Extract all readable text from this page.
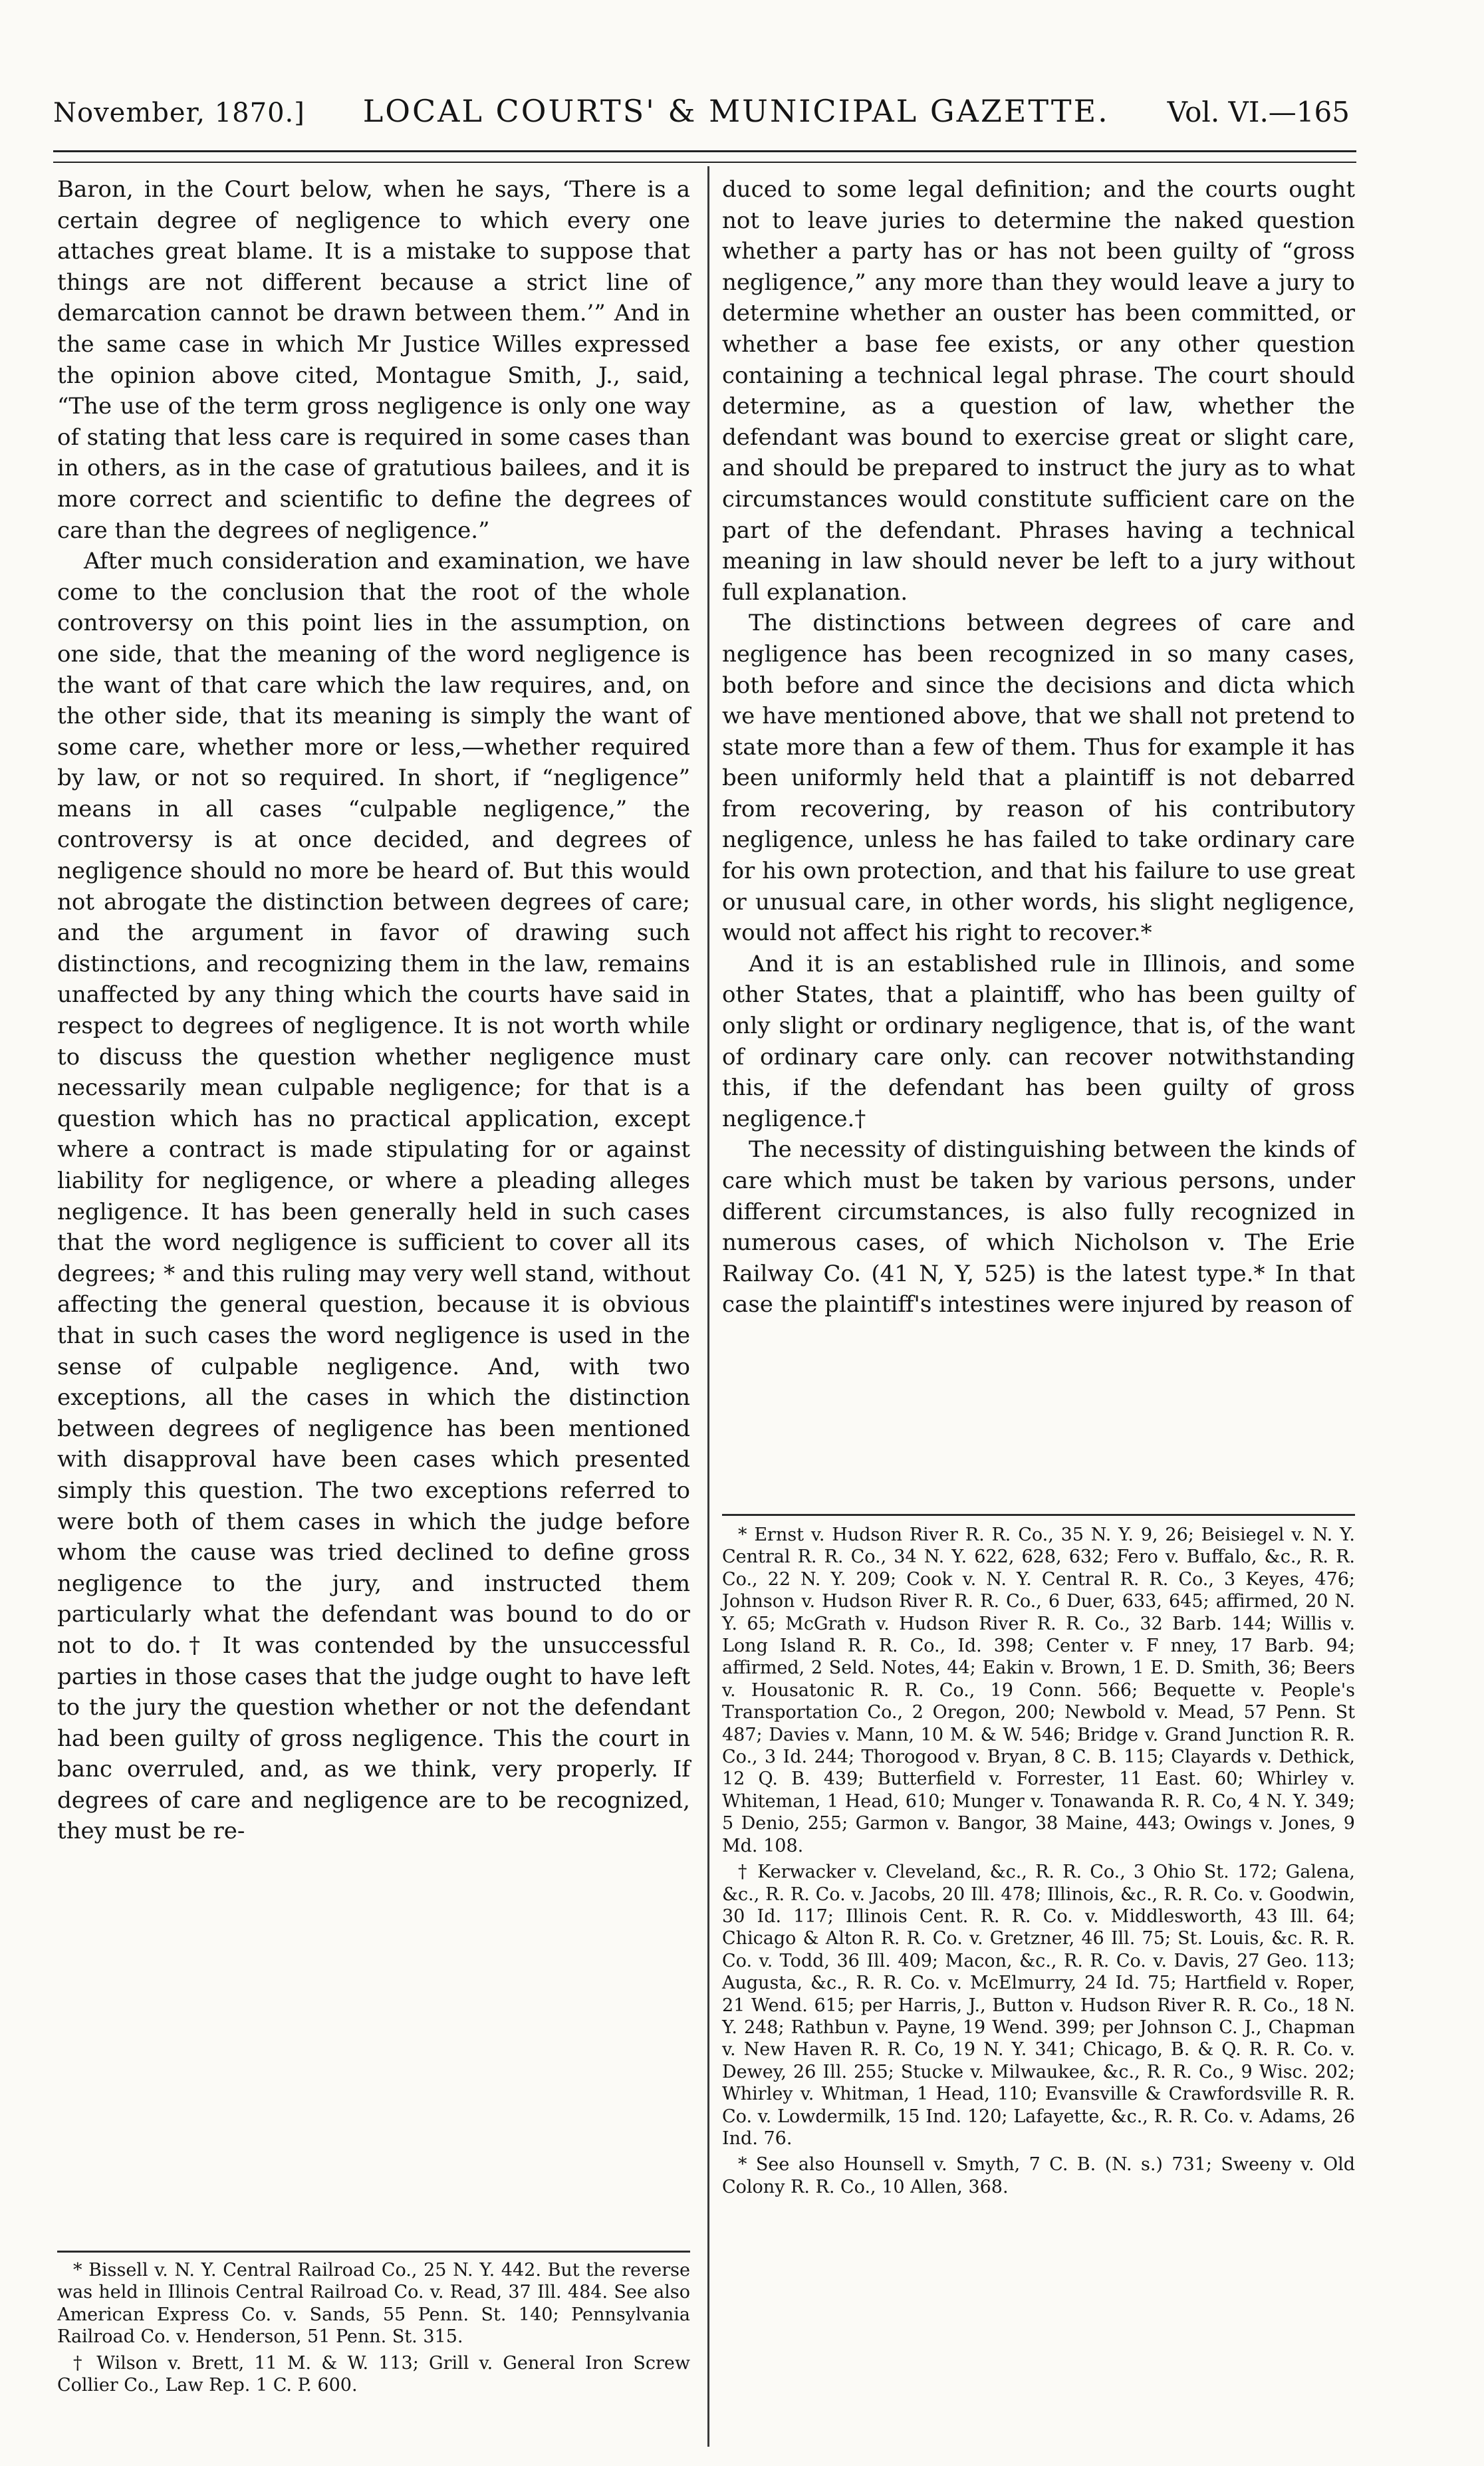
November, 1870.] LOCAL COURTS' & MUNICIPAL GAZETTE. Vol. VI.—165

Baron, in the Court below, when he says, ‘There is a certain degree of negligence to which every one attaches great blame. It is a mistake to suppose that things are not different because a strict line of demarcation cannot be drawn between them.’” And in the same case in which Mr Justice Willes expressed the opinion above cited, Montague Smith, J., said, “The use of the term gross negligence is only one way of stating that less care is required in some cases than in others, as in the case of gratutious bailees, and it is more correct and scientific to define the degrees of care than the degrees of negligence.”

After much consideration and examination, we have come to the conclusion that the root of the whole controversy on this point lies in the assumption, on one side, that the meaning of the word negligence is the want of that care which the law requires, and, on the other side, that its meaning is simply the want of some care, whether more or less,—whether required by law, or not so required. In short, if “negligence” means in all cases “culpable negligence,” the controversy is at once decided, and degrees of negligence should no more be heard of. But this would not abrogate the distinction between degrees of care; and the argument in favor of drawing such distinctions, and recognizing them in the law, remains unaffected by any thing which the courts have said in respect to degrees of negligence. It is not worth while to discuss the question whether negligence must necessarily mean culpable negligence; for that is a question which has no practical application, except where a contract is made stipulating for or against liability for negligence, or where a pleading alleges negligence. It has been generally held in such cases that the word negligence is sufficient to cover all its degrees; * and this ruling may very well stand, without affecting the general question, because it is obvious that in such cases the word negligence is used in the sense of culpable negligence. And, with two exceptions, all the cases in which the distinction between degrees of negligence has been mentioned with disapproval have been cases which presented simply this question. The two exceptions referred to were both of them cases in which the judge before whom the cause was tried declined to define gross negligence to the jury, and instructed them particularly what the defendant was bound to do or not to do.† It was contended by the unsuccessful parties in those cases that the judge ought to have left to the jury the question whether or not the defendant had been guilty of gross negligence. This the court in banc overruled, and, as we think, very properly. If degrees of care and negligence are to be recognized, they must be re-

duced to some legal definition; and the courts ought not to leave juries to determine the naked question whether a party has or has not been guilty of “gross negligence,” any more than they would leave a jury to determine whether an ouster has been committed, or whether a base fee exists, or any other question containing a technical legal phrase. The court should determine, as a question of law, whether the defendant was bound to exercise great or slight care, and should be prepared to instruct the jury as to what circumstances would constitute sufficient care on the part of the defendant. Phrases having a technical meaning in law should never be left to a jury without full explanation.

The distinctions between degrees of care and negligence has been recognized in so many cases, both before and since the decisions and dicta which we have mentioned above, that we shall not pretend to state more than a few of them. Thus for example it has been uniformly held that a plaintiff is not debarred from recovering, by reason of his contributory negligence, unless he has failed to take ordinary care for his own protection, and that his failure to use great or unusual care, in other words, his slight negligence, would not affect his right to recover.*

And it is an established rule in Illinois, and some other States, that a plaintiff, who has been guilty of only slight or ordinary negligence, that is, of the want of ordinary care only. can recover notwithstanding this, if the defendant has been guilty of gross negligence.†

The necessity of distinguishing between the kinds of care which must be taken by various persons, under different circumstances, is also fully recognized in numerous cases, of which Nicholson v. The Erie Railway Co. (41 N, Y, 525) is the latest type.* In that case the plaintiff's intestines were injured by reason of

* Bissell v. N. Y. Central Railroad Co., 25 N. Y. 442. But the reverse was held in Illinois Central Railroad Co. v. Read, 37 Ill. 484. See also American Express Co. v. Sands, 55 Penn. St. 140; Pennsylvania Railroad Co. v. Henderson, 51 Penn. St. 315.

† Wilson v. Brett, 11 M. & W. 113; Grill v. General Iron Screw Collier Co., Law Rep. 1 C. P. 600.

* Ernst v. Hudson River R. R. Co., 35 N. Y. 9, 26; Beisiegel v. N. Y. Central R. R. Co., 34 N. Y. 622, 628, 632; Fero v. Buffalo, &c., R. R. Co., 22 N. Y. 209; Cook v. N. Y. Central R. R. Co., 3 Keyes, 476; Johnson v. Hudson River R. R. Co., 6 Duer, 633, 645; affirmed, 20 N. Y. 65; McGrath v. Hudson River R. R. Co., 32 Barb. 144; Willis v. Long Island R. R. Co., Id. 398; Center v. F nney, 17 Barb. 94; affirmed, 2 Seld. Notes, 44; Eakin v. Brown, 1 E. D. Smith, 36; Beers v. Housatonic R. R. Co., 19 Conn. 566; Bequette v. People's Transportation Co., 2 Oregon, 200; Newbold v. Mead, 57 Penn. St 487; Davies v. Mann, 10 M. & W. 546; Bridge v. Grand Junction R. R. Co., 3 Id. 244; Thorogood v. Bryan, 8 C. B. 115; Clayards v. Dethick, 12 Q. B. 439; Butterfield v. Forrester, 11 East. 60; Whirley v. Whiteman, 1 Head, 610; Munger v. Tonawanda R. R. Co, 4 N. Y. 349; 5 Denio, 255; Garmon v. Bangor, 38 Maine, 443; Owings v. Jones, 9 Md. 108.

† Kerwacker v. Cleveland, &c., R. R. Co., 3 Ohio St. 172; Galena, &c., R. R. Co. v. Jacobs, 20 Ill. 478; Illinois, &c., R. R. Co. v. Goodwin, 30 Id. 117; Illinois Cent. R. R. Co. v. Middlesworth, 43 Ill. 64; Chicago & Alton R. R. Co. v. Gretzner, 46 Ill. 75; St. Louis, &c. R. R. Co. v. Todd, 36 Ill. 409; Macon, &c., R. R. Co. v. Davis, 27 Geo. 113; Augusta, &c., R. R. Co. v. McElmurry, 24 Id. 75; Hartfield v. Roper, 21 Wend. 615; per Harris, J., Button v. Hudson River R. R. Co., 18 N. Y. 248; Rathbun v. Payne, 19 Wend. 399; per Johnson C. J., Chapman v. New Haven R. R. Co, 19 N. Y. 341; Chicago, B. & Q. R. R. Co. v. Dewey, 26 Ill. 255; Stucke v. Milwaukee, &c., R. R. Co., 9 Wisc. 202; Whirley v. Whitman, 1 Head, 110; Evansville & Crawfordsville R. R. Co. v. Lowdermilk, 15 Ind. 120; Lafayette, &c., R. R. Co. v. Adams, 26 Ind. 76.

* See also Hounsell v. Smyth, 7 C. B. (N. s.) 731; Sweeny v. Old Colony R. R. Co., 10 Allen, 368.
